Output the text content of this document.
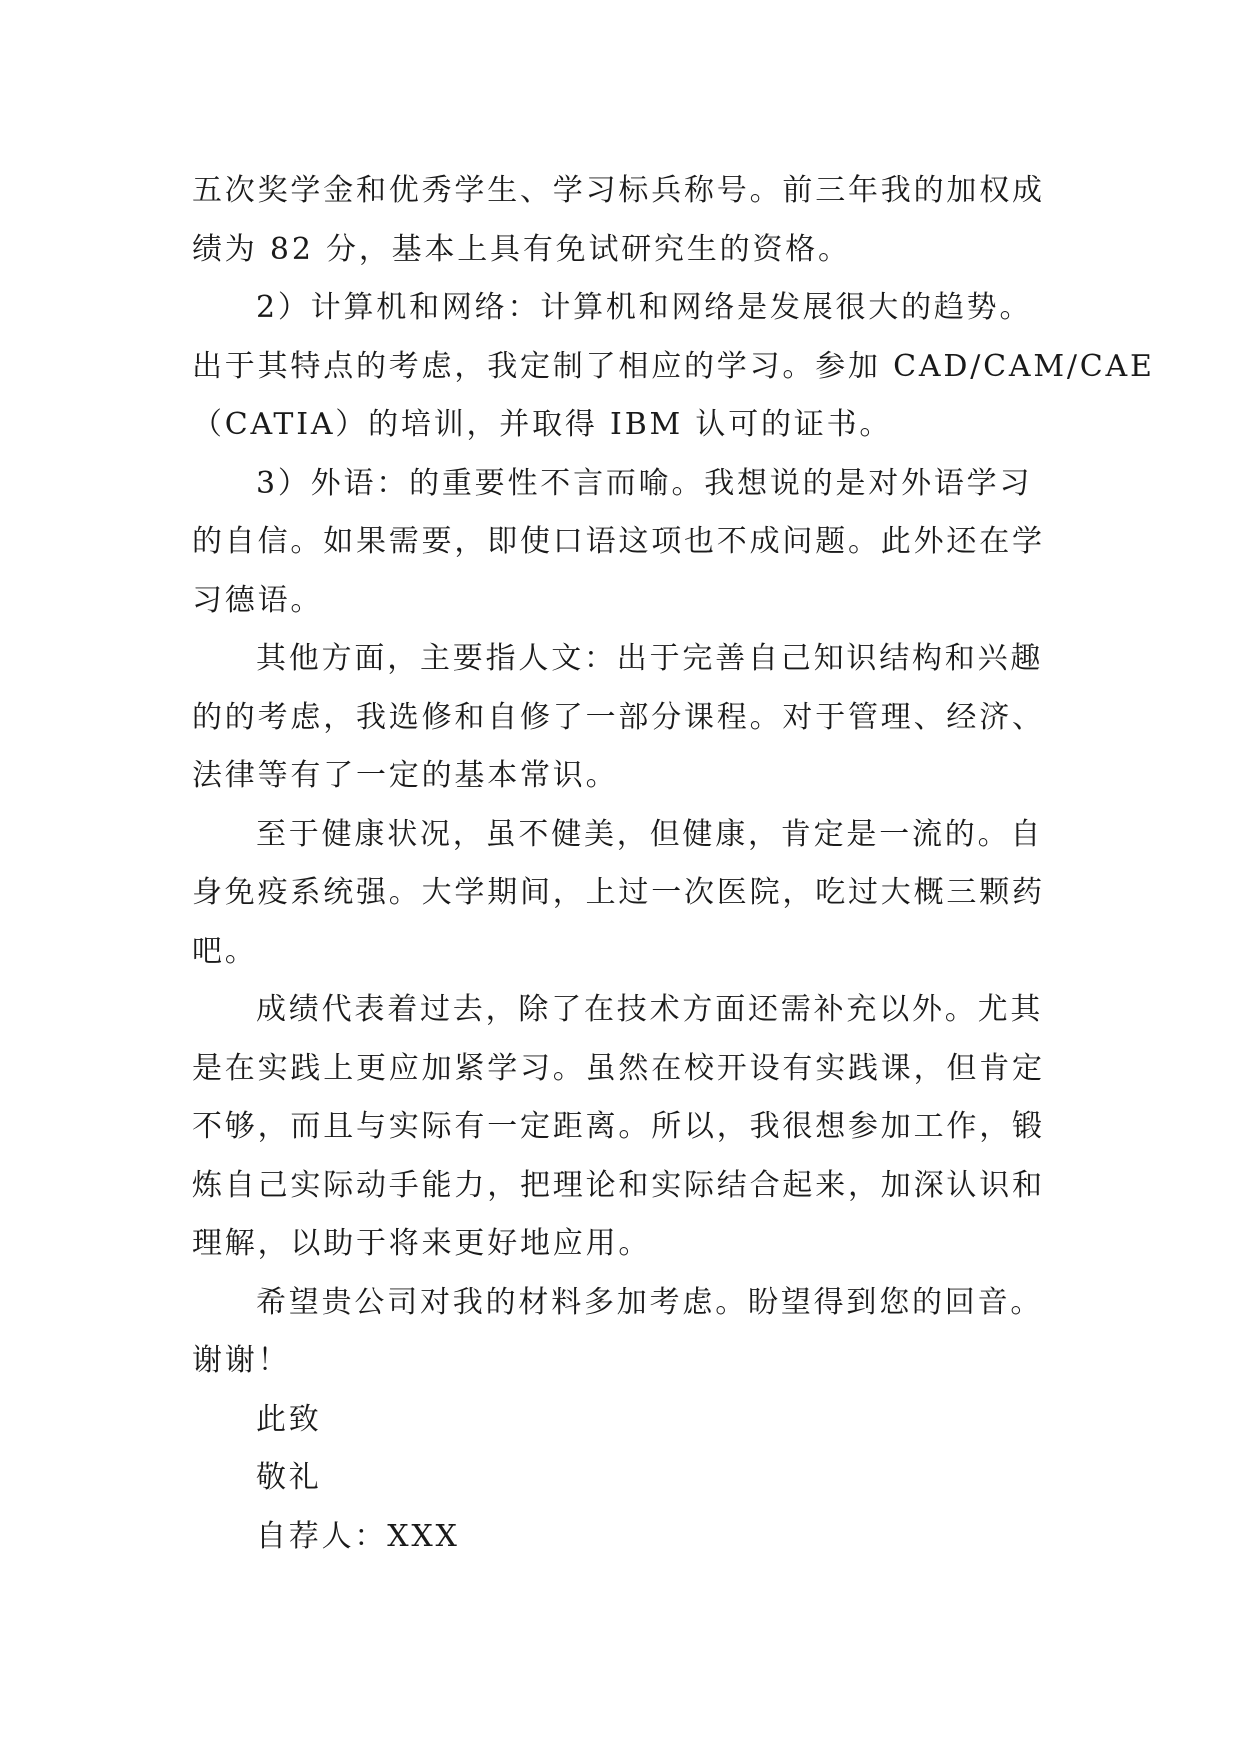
五次奖学金和优秀学生、学习标兵称号。前三年我的加权成
绩为 82 分，基本上具有免试研究生的资格。
2）计算机和网络：计算机和网络是发展很大的趋势。
出于其特点的考虑，我定制了相应的学习。参加 CAD/CAM/CAE
（CATIA）的培训，并取得 IBM 认可的证书。
3）外语：的重要性不言而喻。我想说的是对外语学习
的自信。如果需要，即使口语这项也不成问题。此外还在学
习德语。
其他方面，主要指人文：出于完善自己知识结构和兴趣
的的考虑，我选修和自修了一部分课程。对于管理、经济、
法律等有了一定的基本常识。
至于健康状况，虽不健美，但健康，肯定是一流的。自
身免疫系统强。大学期间，上过一次医院，吃过大概三颗药
吧。
成绩代表着过去，除了在技术方面还需补充以外。尤其
是在实践上更应加紧学习。虽然在校开设有实践课，但肯定
不够，而且与实际有一定距离。所以，我很想参加工作，锻
炼自己实际动手能力，把理论和实际结合起来，加深认识和
理解，以助于将来更好地应用。
希望贵公司对我的材料多加考虑。盼望得到您的回音。
谢谢！
此致
敬礼
自荐人：XXX
